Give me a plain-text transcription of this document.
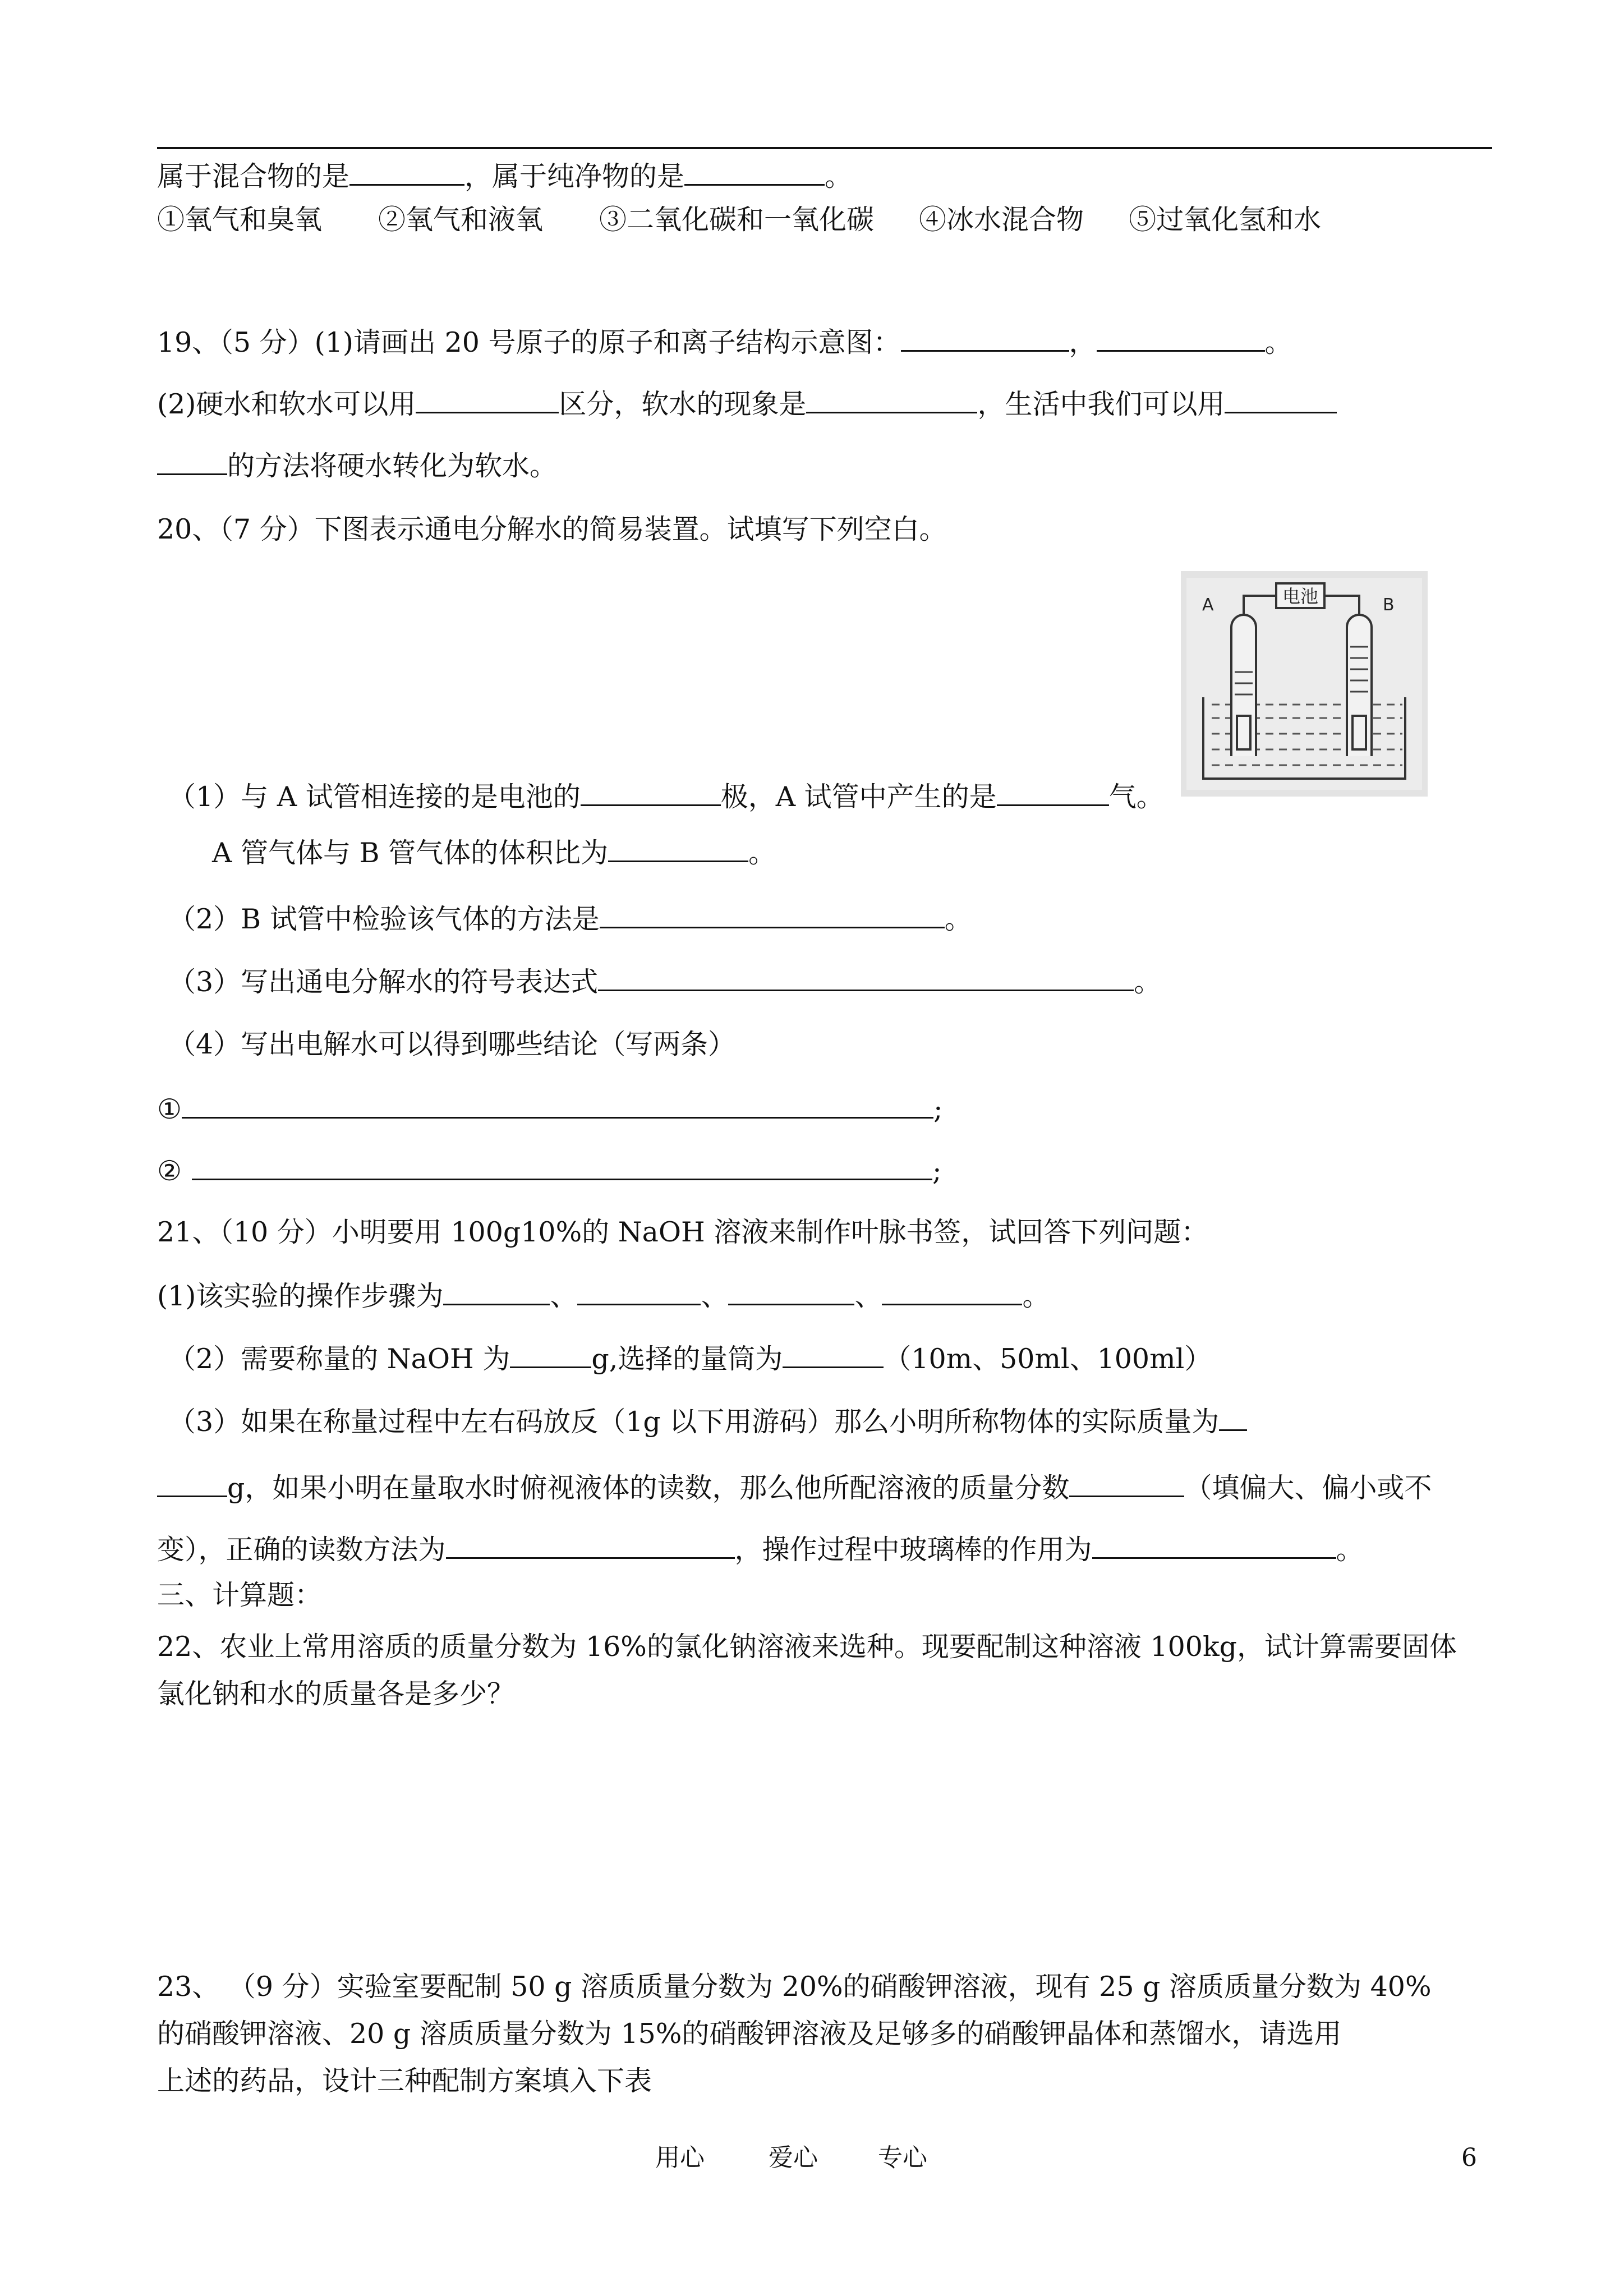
属于混合物的是	，属于纯净物的是	。
①氧气和臭氧 ②氧气和液氧 ③二氧化碳和一氧化碳 ④冰水混合物 ⑤过氧化氢和水
19、（5 分）(1)请画出 20 号原子的原子和离子结构示意图：	，	。
(2)硬水和软水可以用	区分，软水的现象是	，生活中我们可以用
的方法将硬水转化为软水。
20、（7 分）下图表示通电分解水的简易装置。试填写下列空白。
电池
A	B
（1）与 A 试管相连接的是电池的	极，A 试管中产生的是	气。
A 管气体与 B 管气体的体积比为	。
（2）B 试管中检验该气体的方法是	。
（3）写出通电分解水的符号表达式	。
（4）写出电解水可以得到哪些结论（写两条）
①	;
②	;
21、（10 分）小明要用 100g10%的 NaOH 溶液来制作叶脉书签，试回答下列问题：
(1)该实验的操作步骤为	、	、	、	。
（2）需要称量的 NaOH 为	g,选择的量筒为	（10m、50ml、100ml）
（3）如果在称量过程中左右码放反（1g 以下用游码）那么小明所称物体的实际质量为
g，如果小明在量取水时俯视液体的读数，那么他所配溶液的质量分数	（填偏大、偏小或不
变），正确的读数方法为	，操作过程中玻璃棒的作用为	。
三、计算题：
22、农业上常用溶质的质量分数为 16%的氯化钠溶液来选种。现要配制这种溶液 100kg，试计算需要固体
氯化钠和水的质量各是多少？
23、 （9 分）实验室要配制 50 g 溶质质量分数为 20%的硝酸钾溶液，现有 25 g 溶质质量分数为 40%
的硝酸钾溶液、20 g 溶质质量分数为 15%的硝酸钾溶液及足够多的硝酸钾晶体和蒸馏水，请选用
上述的药品，设计三种配制方案填入下表
用心	爱心 专心	6
